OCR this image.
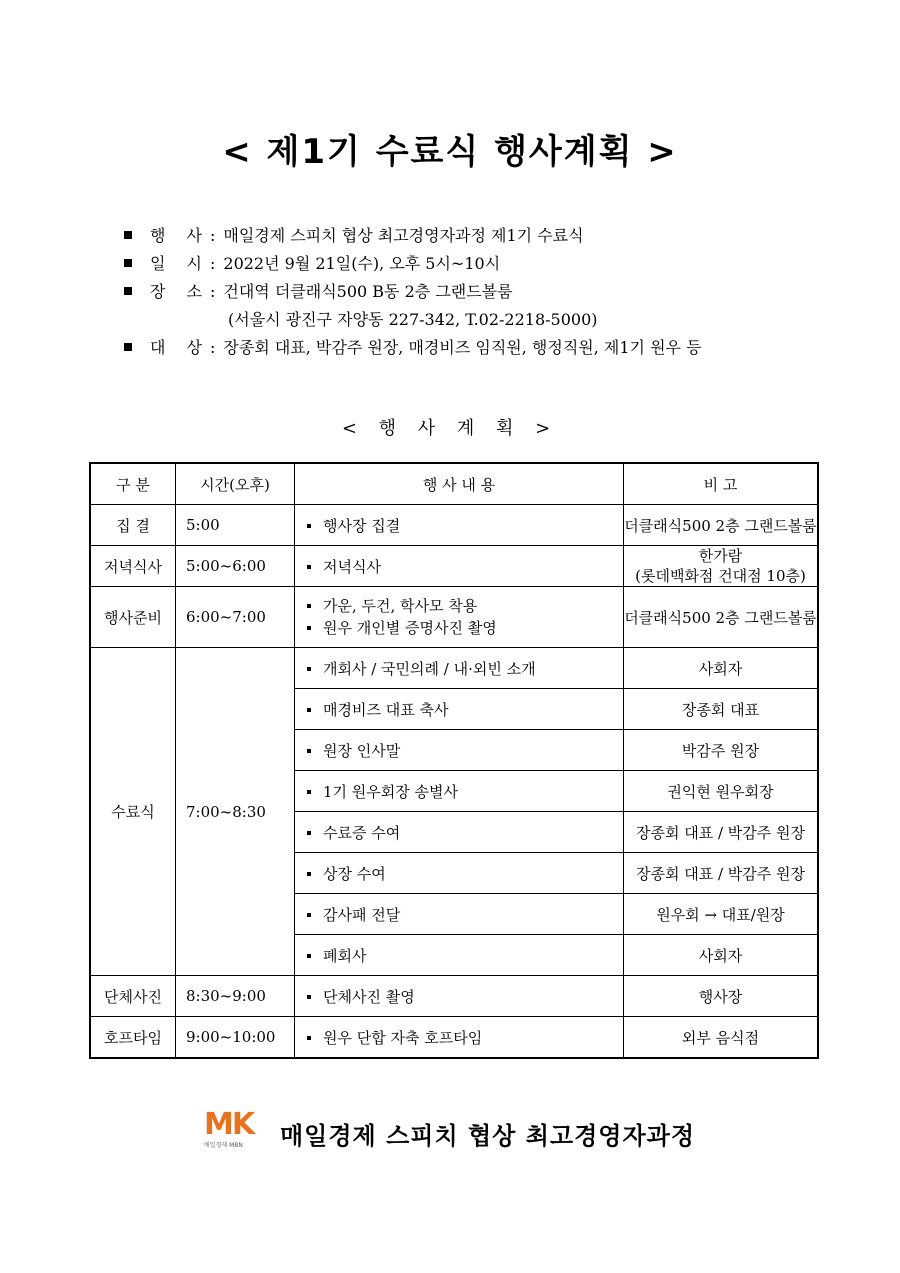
< 제1기 수료식 행사계획 >
행 사: 매일경제 스피치 협상 최고경영자과정 제1기 수료식
일 시: 2022년 9월 21일(수), 오후 5시~10시
장 소: 건대역 더클래식500 B동 2층 그랜드볼룸
(서울시 광진구 자양동 227-342, T.02-2218-5000)
대 상: 장종회 대표, 박감주 원장, 매경비즈 임직원, 행정직원, 제1기 원우 등
< 행 사 계 획 >
구 분	시간(오후)	행 사 내 용	비 고
집 결	5:00	행사장 집결	더클래식500 2층 그랜드볼룸
저녁식사	5:00~6:00	저녁식사	한가람
(롯데백화점 건대점 10층)
행사준비	6:00~7:00	가운, 두건, 학사모 착용
원우 개인별 증명사진 촬영	더클래식500 2층 그랜드볼룸
수료식	7:00~8:30	개회사 / 국민의례 / 내·외빈 소개	사회자
		매경비즈 대표 축사	장종회 대표
		원장 인사말	박감주 원장
		1기 원우회장 송별사	권익현 원우회장
		수료증 수여	장종회 대표 / 박감주 원장
		상장 수여	장종회 대표 / 박감주 원장
		감사패 전달	원우회 → 대표/원장
		폐회사	사회자
단체사진	8:30~9:00	단체사진 촬영	행사장
호프타임	9:00~10:00	원우 단합 자축 호프타임	외부 음식점
MK
매일경제 MBN	매일경제 스피치 협상 최고경영자과정
